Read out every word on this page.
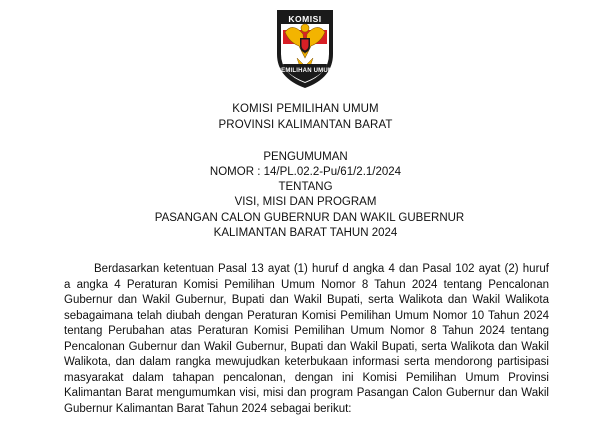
KOMISI
PEMILIHAN UMUM
KOMISI PEMILIHAN UMUM
PROVINSI KALIMANTAN BARAT
PENGUMUMAN
NOMOR : 14/PL.02.2-Pu/61/2.1/2024
TENTANG
VISI, MISI DAN PROGRAM
PASANGAN CALON GUBERNUR DAN WAKIL GUBERNUR
KALIMANTAN BARAT TAHUN 2024
Berdasarkan ketentuan Pasal 13 ayat (1) huruf d angka 4 dan Pasal 102 ayat (2) huruf
a angka 4 Peraturan Komisi Pemilihan Umum Nomor 8 Tahun 2024 tentang Pencalonan
Gubernur dan Wakil Gubernur, Bupati dan Wakil Bupati, serta Walikota dan Wakil Walikota
sebagaimana telah diubah dengan Peraturan Komisi Pemilihan Umum Nomor 10 Tahun 2024
tentang Perubahan atas Peraturan Komisi Pemilihan Umum Nomor 8 Tahun 2024 tentang
Pencalonan Gubernur dan Wakil Gubernur, Bupati dan Wakil Bupati, serta Walikota dan Wakil
Walikota, dan dalam rangka mewujudkan keterbukaan informasi serta mendorong partisipasi
masyarakat dalam tahapan pencalonan, dengan ini Komisi Pemilihan Umum Provinsi
Kalimantan Barat mengumumkan visi, misi dan program Pasangan Calon Gubernur dan Wakil
Gubernur Kalimantan Barat Tahun 2024 sebagai berikut:
